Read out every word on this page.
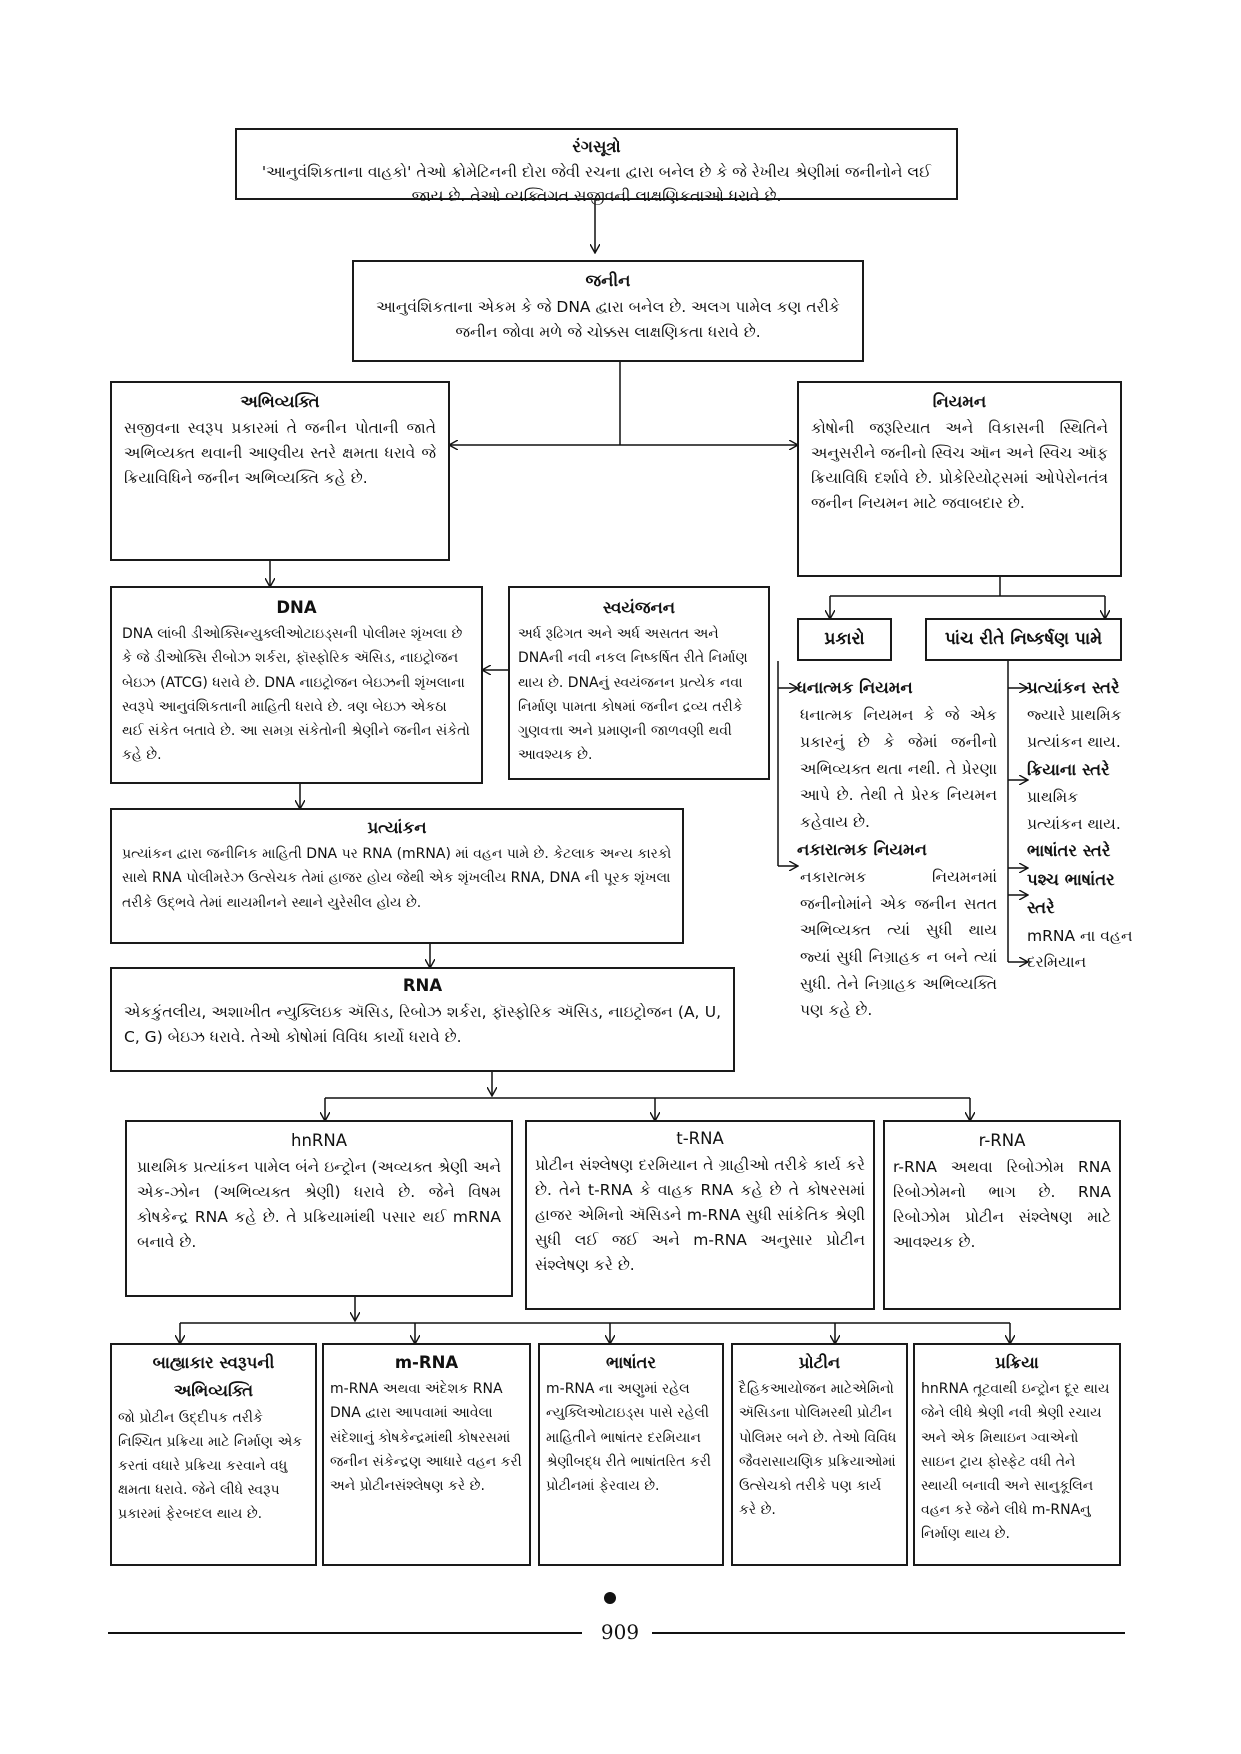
રંગસૂત્રો
'આનુવંશિકતાના વાહકો' તેઓ ક્રોમેટિનની દોરા જેવી રચના દ્વારા બનેલ છે કે જે રેખીય શ્રેણીમાં જનીનોને લઈ જાય છે. તેઓ વ્યક્તિગત સજીવની લાક્ષણિકતાઓ ધરાવે છે.
જનીન
આનુવંશિકતાના એકમ કે જે DNA દ્વારા બનેલ છે. અલગ પામેલ કણ તરીકે જનીન જોવા મળે જે ચોક્કસ લાક્ષણિકતા ધરાવે છે.
અભિવ્યક્તિ
સજીવના સ્વરૂપ પ્રકારમાં તે જનીન પોતાની જાતે અભિવ્યક્ત થવાની આણ્વીય સ્તરે ક્ષમતા ધરાવે જે ક્રિયાવિધિને જનીન અભિવ્યક્તિ કહે છે.
નિયમન
કોષોની જરૂરિયાત અને વિકાસની સ્થિતિને અનુસરીને જનીનો સ્વિચ ઑન અને સ્વિચ ઑફ ક્રિયાવિધિ દર્શાવે છે. પ્રોકેરિયોટ્સમાં ઓપેરોનતંત્ર જનીન નિયમન માટે જવાબદાર છે.
DNA
DNA લાંબી ડીઓક્સિન્યુક્લીઓટાઇડ્સની પોલીમર શૃંખલા છે કે જે ડીઓક્સિ રીબોઝ શર્કરા, ફૉસ્ફોરિક ઍસિડ, નાઇટ્રોજન બેઇઝ (ATCG) ધરાવે છે. DNA નાઇટ્રોજન બેઇઝની શૃંખલાના સ્વરૂપે આનુવંશિકતાની માહિતી ધરાવે છે. ત્રણ બેઇઝ એકઠા થઈ સંકેત બતાવે છે. આ સમગ્ર સંકેતોની શ્રેણીને જનીન સંકેતો કહે છે.
સ્વયંજનન
અર્ધ રૂઢિગત અને અર્ધ અસતત અને DNAની નવી નકલ નિષ્કર્ષિત રીતે નિર્માણ થાય છે. DNAનું સ્વયંજનન પ્રત્યેક નવા નિર્માણ પામતા કોષમાં જનીન દ્રવ્ય તરીકે ગુણવત્તા અને પ્રમાણની જાળવણી થવી આવશ્યક છે.
પ્રકારો	પાંચ રીતે નિષ્કર્ષણ પામે
ધનાત્મક નિયમન
ધનાત્મક નિયમન કે જે એક પ્રકારનું છે કે જેમાં જનીનો અભિવ્યક્ત થતા નથી. તે પ્રેરણા આપે છે. તેથી તે પ્રેરક નિયમન કહેવાય છે.
નકારાત્મક નિયમન
નકારાત્મક નિયમનમાં જનીનોમાંને એક જનીન સતત અભિવ્યક્ત ત્યાં સુધી થાય જ્યાં સુધી નિગ્રાહક ન બને ત્યાં સુધી. તેને નિગ્રાહક અભિવ્યક્તિ પણ કહે છે.
પ્રત્યાંકન સ્તરે
જ્યારે પ્રાથમિક પ્રત્યાંકન થાય.
ક્રિયાના સ્તરે
પ્રાથમિક પ્રત્યાંકન થાય.
ભાષાંતર સ્તરે
પશ્ચ ભાષાંતર સ્તરે
mRNA ના વહન દરમિયાન
પ્રત્યાંકન
પ્રત્યાંકન દ્વારા જનીનિક માહિતી DNA પર RNA (mRNA) માં વહન પામે છે. કેટલાક અન્ય કારકો સાથે RNA પોલીમરેઝ ઉત્સેચક તેમાં હાજર હોય જેથી એક શૃંખલીય RNA, DNA ની પૂરક શૃંખલા તરીકે ઉદ્ભવે તેમાં થાયમીનને સ્થાને યુરેસીલ હોય છે.
RNA
એકકુંતલીય, અશાખીત ન્યુક્લિઇક ઍસિડ, રિબોઝ શર્કરા, ફૉસ્ફોરિક ઍસિડ, નાઇટ્રોજન (A, U, C, G) બેઇઝ ધરાવે. તેઓ કોષોમાં વિવિધ કાર્યો ધરાવે છે.
hnRNA
પ્રાથમિક પ્રત્યાંકન પામેલ બંને ઇન્ટ્રોન (અવ્યક્ત શ્રેણી અને એક-ઝોન (અભિવ્યક્ત શ્રેણી) ધરાવે છે. જેને વિષમ કોષકેન્દ્ર RNA કહે છે. તે પ્રક્રિયામાંથી પસાર થઈ mRNA બનાવે છે.
t-RNA
પ્રોટીન સંશ્લેષણ દરમિયાન તે ગ્રાહીઓ તરીકે કાર્ય કરે છે. તેને t-RNA કે વાહક RNA કહે છે તે કોષરસમાં હાજર એમિનો ઍસિડને m-RNA સુધી સાંકેતિક શ્રેણી સુધી લઈ જઈ અને m-RNA અનુસાર પ્રોટીન સંશ્લેષણ કરે છે.
r-RNA
r-RNA અથવા રિબોઝોમ RNA રિબોઝોમનો ભાગ છે. RNA રિબોઝોમ પ્રોટીન સંશ્લેષણ માટે આવશ્યક છે.
બાહ્યાકાર સ્વરૂપની અભિવ્યક્તિ
જો પ્રોટીન ઉદ્દીપક તરીકે નિશ્ચિત પ્રક્રિયા માટે નિર્માણ એક કરતાં વધારે પ્રક્રિયા કરવાને વધુ ક્ષમતા ધરાવે. જેને લીધે સ્વરૂપ પ્રકારમાં ફેરબદલ થાય છે.
m-RNA
m-RNA અથવા અંદેશક RNA DNA દ્વારા આપવામાં આવેલા સંદેશાનું કોષકેન્દ્રમાંથી કોષરસમાં જનીન સંકેન્દ્રણ આધારે વહન કરી અને પ્રોટીનસંશ્લેષણ કરે છે.
ભાષાંતર
m-RNA ના અણુમાં રહેલ ન્યુક્લિઓટાઇડ્સ પાસે રહેલી માહિતીને ભાષાંતર દરમિયાન શ્રેણીબદ્ધ રીતે ભાષાંતરિત કરી પ્રોટીનમાં ફેરવાય છે.
પ્રોટીન
દૈહિકઆયોજન માટેએમિનો ઍસિડના પોલિમરથી પ્રોટીન પોલિમર બને છે. તેઓ વિવિધ જૈવરાસાયણિક પ્રક્રિયાઓમાં ઉત્સેચકો તરીકે પણ કાર્ય કરે છે.
પ્રક્રિયા
hnRNA તૂટવાથી ઇન્ટ્રોન દૂર થાય જેને લીધે શ્રેણી નવી શ્રેણી રચાય અને એક મિથાઇન ગ્વાએનો સાઇન ટ્રાય ફોસ્ફેટ વધી તેને સ્થાયી બનાવી અને સાનુકૂલિન વહન કરે જેને લીધે m-RNAનુ નિર્માણ થાય છે.
909
